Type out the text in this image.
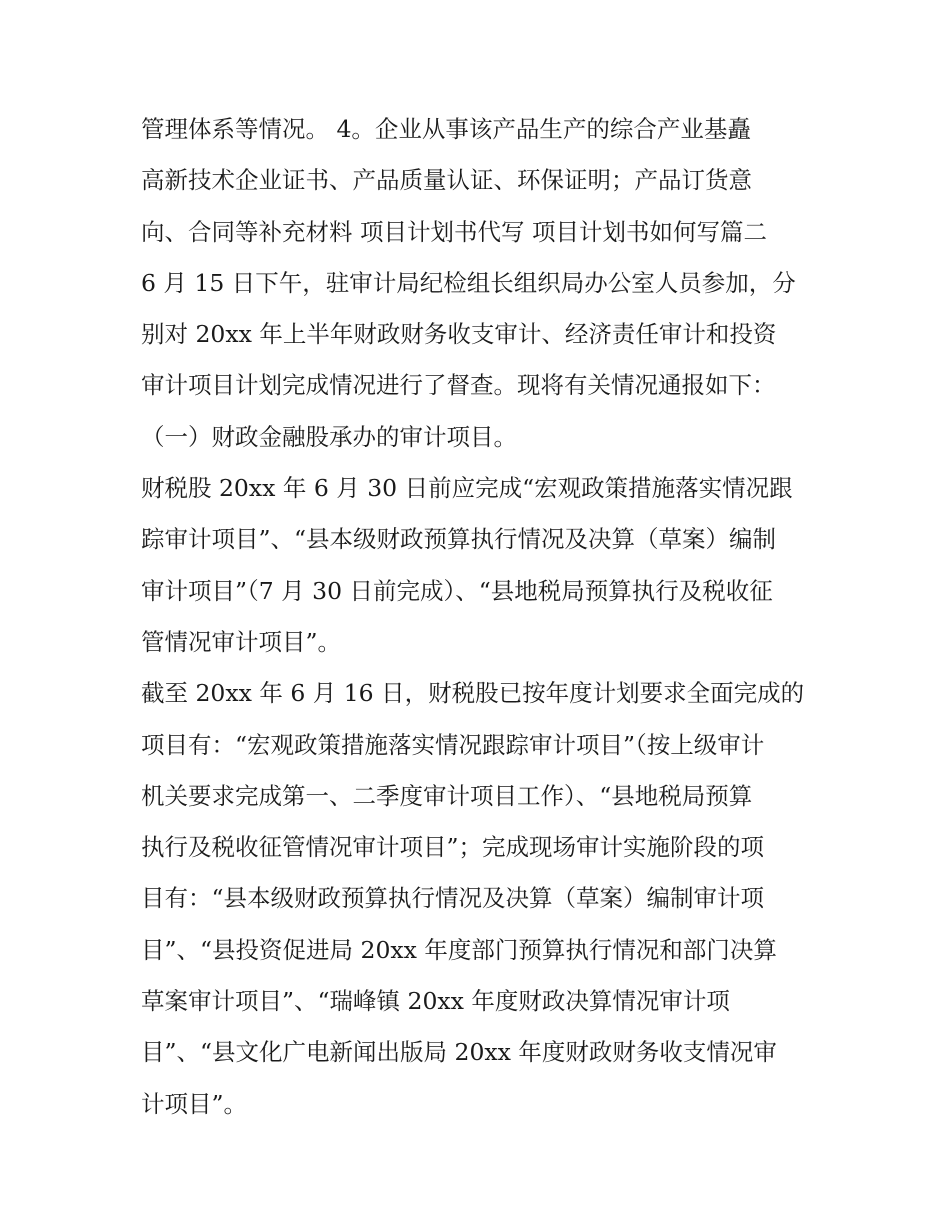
管理体系等情况。 4。企业从事该产品生产的综合产业基矗
高新技术企业证书、产品质量认证、环保证明；产品订货意
向、合同等补充材料 项目计划书代写 项目计划书如何写篇二
6 月 15 日下午，驻审计局纪检组长组织局办公室人员参加，分
别对 20xx 年上半年财政财务收支审计、经济责任审计和投资
审计项目计划完成情况进行了督查。现将有关情况通报如下：
（一）财政金融股承办的审计项目。
财税股 20xx 年 6 月 30 日前应完成“宏观政策措施落实情况跟
踪审计项目”、“县本级财政预算执行情况及决算（草案）编制
审计项目”（7 月 30 日前完成）、“县地税局预算执行及税收征
管情况审计项目”。
截至 20xx 年 6 月 16 日，财税股已按年度计划要求全面完成的
项目有：“宏观政策措施落实情况跟踪审计项目”（按上级审计
机关要求完成第一、二季度审计项目工作）、“县地税局预算
执行及税收征管情况审计项目”；完成现场审计实施阶段的项
目有：“县本级财政预算执行情况及决算（草案）编制审计项
目”、“县投资促进局 20xx 年度部门预算执行情况和部门决算
草案审计项目”、“瑞峰镇 20xx 年度财政决算情况审计项
目”、“县文化广电新闻出版局 20xx 年度财政财务收支情况审
计项目”。
